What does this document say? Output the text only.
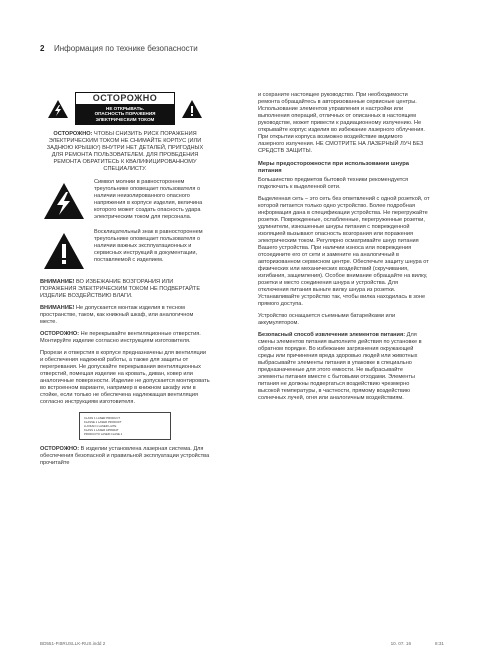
2	Информация по технике безопасности
ОСТОРОЖНО
НЕ ОТКРЫВАТЬ.
ОПАСНОСТЬ ПОРАЖЕНИЯ
ЭЛЕКТРИЧЕСКИМ ТОКОМ

ОСТОРОЖНО: ЧТОБЫ СНИЗИТЬ РИСК ПОРАЖЕНИЯ ЭЛЕКТРИЧЕСКИМ ТОКОМ НЕ СНИМАЙТЕ КОРПУС (ИЛИ ЗАДНЮЮ КРЫШКУ) ВНУТРИ НЕТ ДЕТАЛЕЙ, ПРИГОДНЫХ ДЛЯ РЕМОНТА ПОЛЬЗОВАТЕЛЕМ. ДЛЯ ПРОВЕДЕНИЯ РЕМОНТА ОБРАТИТЕСЬ К КВАЛИФИЦИРОВАННОМУ СПЕЦИАЛИСТУ.

Символ молнии в равностороннем треугольнике оповещает пользователя о наличии неизолированного опасного напряжения в корпусе изделия, величина которого может создать опасность удара электрическим током для персонала.
Восклицательный знак в равностороннем треугольнике оповещает пользователя о наличии важных эксплуатационных и сервисных инструкций в документации, поставляемой с изделием.

ВНИМАНИЕ! ВО ИЗБЕЖАНИЕ ВОЗГОРАНИЯ ИЛИ ПОРАЖЕНИЯ ЭЛЕКТРИЧЕСКИМ ТОКОМ НЕ ПОДВЕРГАЙТЕ ИЗДЕЛИЕ ВОЗДЕЙСТВИЮ ВЛАГИ.

ВНИМАНИЕ! Не допускается монтаж изделия в тесном пространстве, таком, как книжный шкаф, или аналогичном месте.

ОСТОРОЖНО: Не перекрывайте вентиляционные отверстия. Монтируйте изделие согласно инструкциям изготовителя.

Прорези и отверстия в корпусе предназначены для вентиляции и обеспечения надежной работы, а также для защиты от перегревания. Не допускайте перекрывания вентиляционных отверстий, помещая изделие на кровать, диван, ковер или аналогичные поверхности. Изделие не допускается монтировать во встроенном варианте, например в книжном шкафу или в стойке, если только не обеспечена надлежащая вентиляция согласно инструкциям изготовителя.

CLASS 1 LASER PRODUCT
KLASSE 1 LASER PRODUKT
LUOKAN 1 LASER LAITE
KLASS 1 LASER APPARAT
PRODUCTO LASER CLASE 1

ОСТОРОЖНО: В изделии установлена лазерная система. Для обеспечения безопасной и правильной эксплуатации устройства прочитайте

и сохраните настоящее руководство. При необходимости ремонта обращайтесь в авторизованные сервисные центры. Использование элементов управления и настройки или выполнения операций, отличных от описанных в настоящем руководстве, может привести к радиационному излучению. Не открывайте корпус изделия во избежание лазерного облучения. При открытии корпуса возможно воздействие видимого лазерного излучения. НЕ СМОТРИТЕ НА ЛАЗЕРНЫЙ ЛУЧ БЕЗ СРЕДСТВ ЗАЩИТЫ.

Меры предосторожности при использовании шнура питания

Большинство предметов бытовой техники рекомендуется подключать к выделенной сети.

Выделенная сеть – это сеть без ответвлений с одной розеткой, от которой питается только одно устройство. Более подробная информация дана в спецификации устройства. Не перегружайте розетки. Поврежденные, ослабленные, перегруженные розетки, удлинители, изношенные шнуры питания с поврежденной изоляцией вызывают опасность возгорания или поражения электрическим током. Регулярно осматривайте шнур питания Вашего устройства. При наличии износа или повреждения отсоедините его от сети и замените на аналогичный в авторизованном сервисном центре. Обеспечьте защиту шнура от физических или механических воздействий (скручивания, изгибания, защемления). Особое внимание обращайте на вилку, розетки и место соединения шнура и устройства. Для отключения питания выньте вилку шнура из розетки. Устанавливайте устройство так, чтобы вилка находилась в зоне прямого доступа.

Устройство оснащается съемными батарейками или аккумулятором.

Безопасный способ извлечения элементов питания: Для смены элементов питания выполните действия по установке в обратном порядке. Во избежание загрязнения окружающей среды или причинения вреда здоровью людей или животных выбрасывайте элементы питания в упаковке в специально предназначенные для этого емкости. Не выбрасывайте элементы питания вместе с бытовыми отходами. Элементы питания не должны подвергаться воздействию чрезмерно высокой температуры, в частности, прямому воздействию солнечных лучей, огня или аналогичным воздействиям.

BD551-P.BRUSLLK-RUS.indd 2	10. 07. 16	8:31
